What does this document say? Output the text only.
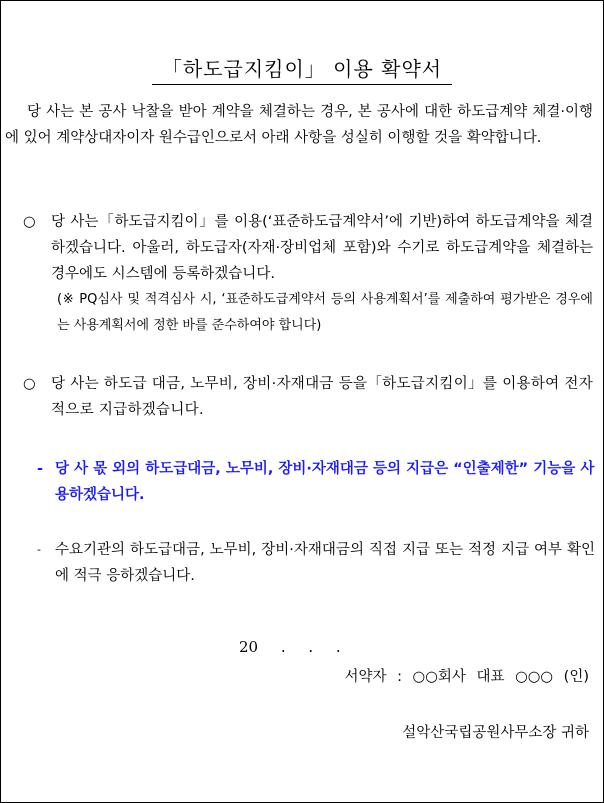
「하도급지킴이」 이용 확약서
당 사는 본 공사 낙찰을 받아 계약을 체결하는 경우, 본 공사에 대한 하도급계약 체결·이행에 있어 계약상대자이자 원수급인으로서 아래 사항을 성실히 이행할 것을 확약합니다.
○ 당 사는「하도급지킴이」를 이용(‘표준하도급계약서’에 기반)하여 하도급계약을 체결하겠습니다. 아울러, 하도급자(자재·장비업체 포함)와 수기로 하도급계약을 체결하는 경우에도 시스템에 등록하겠습니다.
(※ PQ심사 및 적격심사 시, ‘표준하도급계약서 등의 사용계획서’를 제출하여 평가받은 경우에는 사용계획서에 정한 바를 준수하여야 합니다)
○ 당 사는 하도급 대금, 노무비, 장비·자재대금 등을「하도급지킴이」를 이용하여 전자적으로 지급하겠습니다.
- 당 사 몫 외의 하도급대금, 노무비, 장비·자재대금 등의 지급은 “인출제한” 기능을 사용하겠습니다.
- 수요기관의 하도급대금, 노무비, 장비·자재대금의 직접 지급 또는 적정 지급 여부 확인에 적극 응하겠습니다.
20 . . .
서약자 : ○○회사 대표 ○○○ (인)
설악산국립공원사무소장 귀하
